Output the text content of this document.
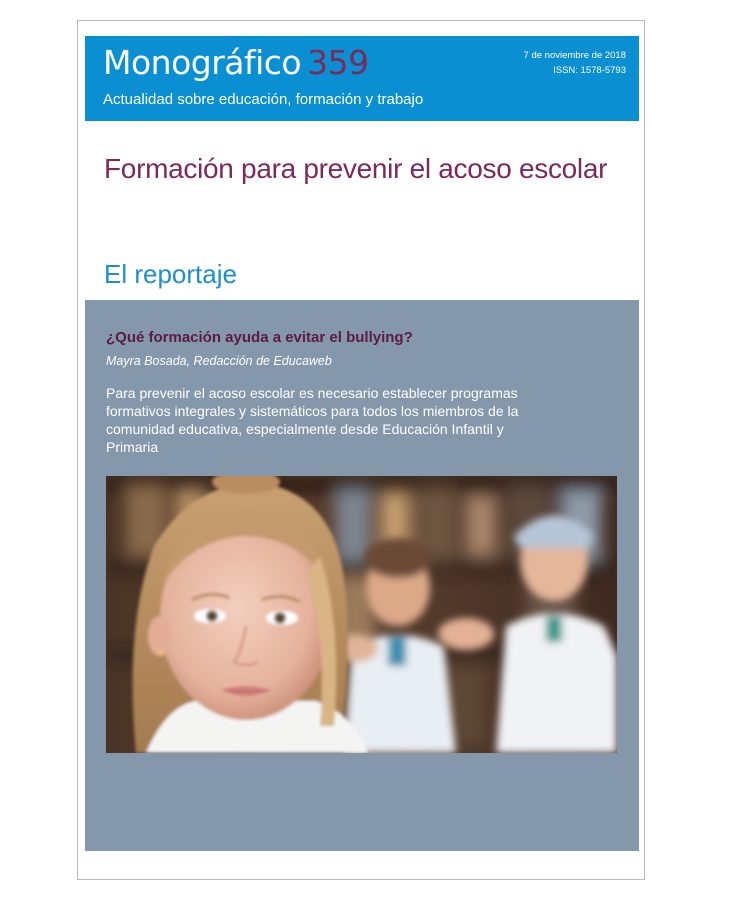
Monográfico 359
Actualidad sobre educación, formación y trabajo
7 de noviembre de 2018
ISSN: 1578-5793
Formación para prevenir el acoso escolar
El reportaje
¿Qué formación ayuda a evitar el bullying?
Mayra Bosada, Redacción de Educaweb

Para prevenir el acoso escolar es necesario establecer programas formativos integrales y sistemáticos para todos los miembros de la comunidad educativa, especialmente desde Educación Infantil y Primaria
